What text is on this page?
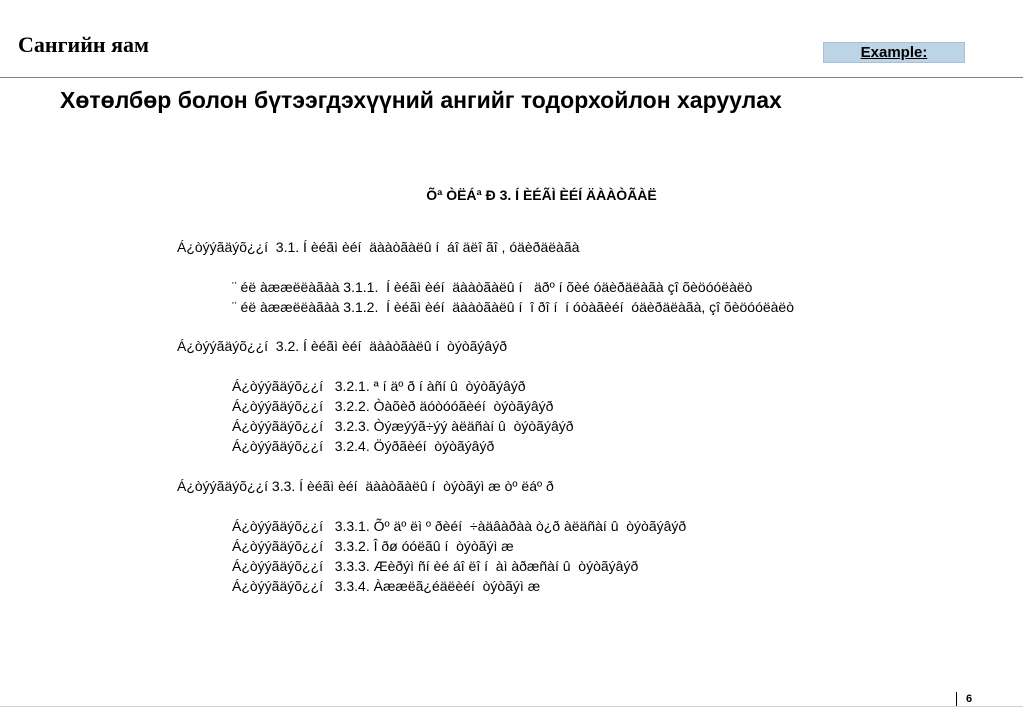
Сангийн яам	Example:
Хөтөлбөр болон бүтээгдэхүүний ангийг тодорхойлон харуулах
Õª ÒËÁª Ð 3. Í ÈÉÃÌ ÈÉÍ ÄÀÀÒÃÀË
Á¿òýýãäýõ¿¿í  3.1. Í èéãì èéí  äààòãàëû í  áî äëî ãî , óäèðäëàãà
¨ éë àææëëàãàà 3.1.1.  Í èéãì èéí  äààòãàëû í   äðº í õèé óäèðäëàãà çî õèöóóëàëò
¨ éë àææëëàãàà 3.1.2.  Í èéãì èéí  äààòãàëû í  î ðî í  í óòàãèéí  óäèðäëàãà, çî õèöóóëàëò
Á¿òýýãäýõ¿¿í  3.2. Í èéãì èéí  äààòãàëû í  òýòãýâýð
Á¿òýýãäýõ¿¿í   3.2.1. ª í äº ð í àñí û  òýòãýâýð
Á¿òýýãäýõ¿¿í   3.2.2. Òàõèð äóòóóãèéí  òýòãýâýð
Á¿òýýãäýõ¿¿í   3.2.3. Òýæýýã÷ýý àëäñàí û  òýòãýâýð
Á¿òýýãäýõ¿¿í   3.2.4. Öýðãèéí  òýòãýâýð
Á¿òýýãäýõ¿¿í 3.3. Í èéãì èéí  äààòãàëû í  òýòãýì æ òº ëáº ð
Á¿òýýãäýõ¿¿í   3.3.1. Õº äº ëì º ðèéí  ÷àäâàðàà ò¿ð àëäñàí û  òýòãýâýð
Á¿òýýãäýõ¿¿í   3.3.2. Î ðø óóëãû í  òýòãýì æ
Á¿òýýãäýõ¿¿í   3.3.3. Æèðýì ñí èé áî ëî í  àì àðæñàí û  òýòãýâýð
Á¿òýýãäýõ¿¿í   3.3.4. Àææëã¿éäëèéí  òýòãýì æ
6
